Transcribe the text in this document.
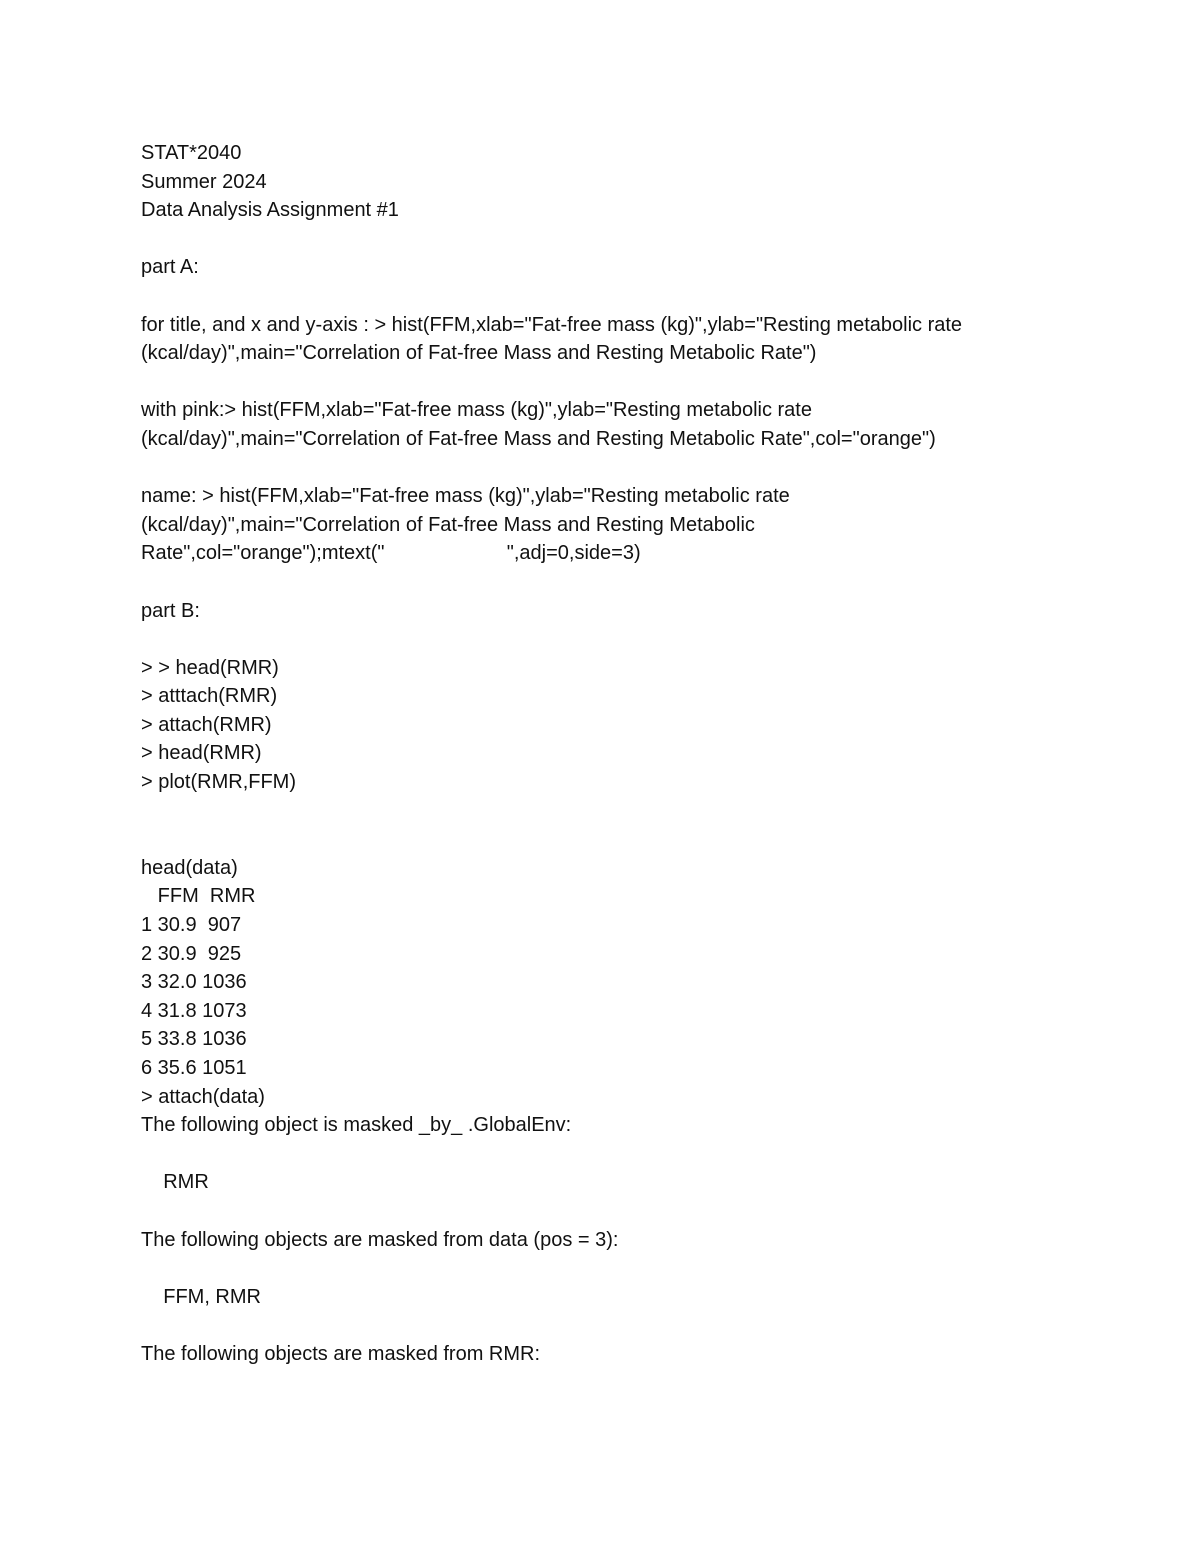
STAT*2040
Summer 2024
Data Analysis Assignment #1
part A:
for title, and x and y-axis : > hist(FFM,xlab="Fat-free mass (kg)",ylab="Resting metabolic rate
(kcal/day)",main="Correlation of Fat-free Mass and Resting Metabolic Rate")
with pink:> hist(FFM,xlab="Fat-free mass (kg)",ylab="Resting metabolic rate
(kcal/day)",main="Correlation of Fat-free Mass and Resting Metabolic Rate",col="orange")
name: > hist(FFM,xlab="Fat-free mass (kg)",ylab="Resting metabolic rate
(kcal/day)",main="Correlation of Fat-free Mass and Resting Metabolic
Rate",col="orange");mtext("                      ",adj=0,side=3)
part B:
> > head(RMR)
> atttach(RMR)
> attach(RMR)
> head(RMR)
> plot(RMR,FFM)
head(data)
FFM  RMR
1 30.9  907
2 30.9  925
3 32.0 1036
4 31.8 1073
5 33.8 1036
6 35.6 1051
> attach(data)
The following object is masked _by_ .GlobalEnv:
RMR
The following objects are masked from data (pos = 3):
FFM, RMR
The following objects are masked from RMR:
